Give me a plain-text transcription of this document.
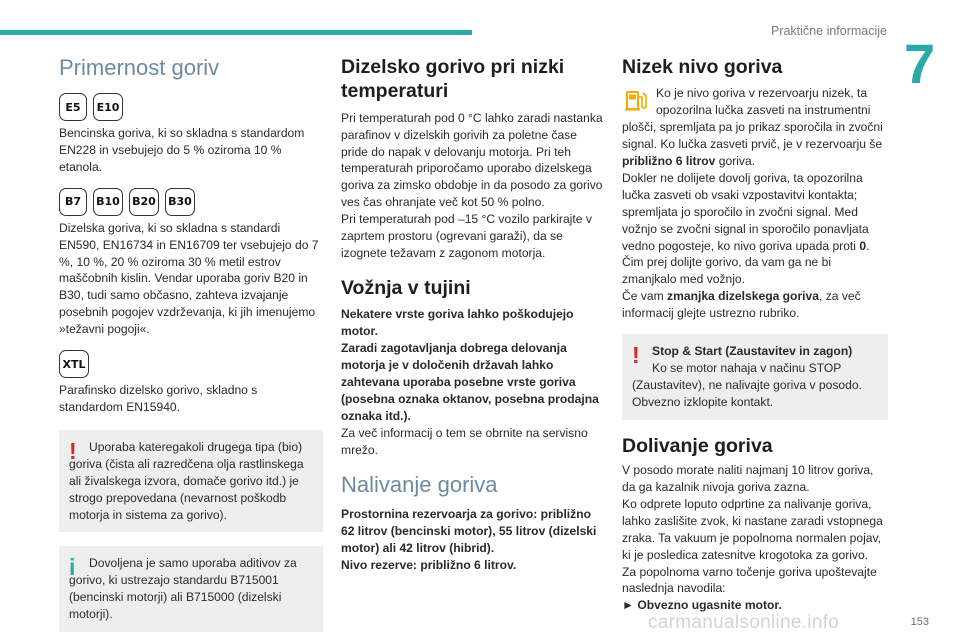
Praktične informacije
7
Primernost goriv
E5	E10

Bencinska goriva, ki so skladna s standardom EN228 in vsebujejo do 5 % oziroma 10 % etanola.

B7	B10 B20 B30

Dizelska goriva, ki so skladna s standardi EN590, EN16734 in EN16709 ter vsebujejo do 7 %, 10 %, 20 % oziroma 30 % metil estrov maščobnih kislin. Vendar uporaba goriv B20 in B30, tudi samo občasno, zahteva izvajanje posebnih pogojev vzdrževanja, ki jih imenujemo »težavni pogoji«.

XTL

Parafinsko dizelsko gorivo, skladno s standardom EN15940.

!	Uporaba kateregakoli drugega tipa (bio) goriva (čista ali razredčena olja rastlinskega ali živalskega izvora, domače gorivo itd.) je strogo prepovedana (nevarnost poškodb motorja in sistema za gorivo).

i	Dovoljena je samo uporaba aditivov za gorivo, ki ustrezajo standardu B715001 (bencinski motorji) ali B715000 (dizelski motorji).

Dizelsko gorivo pri nizki temperaturi

Pri temperaturah pod 0 °C lahko zaradi nastanka parafinov v dizelskih gorivih za poletne čase pride do napak v delovanju motorja. Pri teh temperaturah priporočamo uporabo dizelskega goriva za zimsko obdobje in da posodo za gorivo ves čas ohranjate več kot 50 % polno.

Pri temperaturah pod –15 °C vozilo parkirajte v zaprtem prostoru (ogrevani garaži), da se izognete težavam z zagonom motorja.

Vožnja v tujini

Nekatere vrste goriva lahko poškodujejo motor.

Zaradi zagotavljanja dobrega delovanja motorja je v določenih državah lahko zahtevana uporaba posebne vrste goriva (posebna oznaka oktanov, posebna prodajna oznaka itd.).

Za več informacij o tem se obrnite na servisno mrežo.

Nalivanje goriva

Prostornina rezervoarja za gorivo: približno 62 litrov (bencinski motor), 55 litrov (dizelski motor) ali 42 litrov (hibrid).

Nivo rezerve: približno 6 litrov.

Nizek nivo goriva

Ko je nivo goriva v rezervoarju nizek, ta opozorilna lučka zasveti na instrumentni plošči, spremljata pa jo prikaz sporočila in zvočni signal. Ko lučka zasveti prvič, je v rezervoarju še približno 6 litrov goriva.

Dokler ne dolijete dovolj goriva, ta opozorilna lučka zasveti ob vsaki vzpostavitvi kontakta; spremljata jo sporočilo in zvočni signal. Med vožnjo se zvočni signal in sporočilo ponavljata vedno pogosteje, ko nivo goriva upada proti 0.

Čim prej dolijte gorivo, da vam ga ne bi zmanjkalo med vožnjo.

Če vam zmanjka dizelskega goriva, za več informacij glejte ustrezno rubriko.

!	Stop & Start (Zaustavitev in zagon)

Ko se motor nahaja v načinu STOP (Zaustavitev), ne nalivajte goriva v posodo. Obvezno izklopite kontakt.

Dolivanje goriva

V posodo morate naliti najmanj 10 litrov goriva, da ga kazalnik nivoja goriva zazna.

Ko odprete loputo odprtine za nalivanje goriva, lahko zaslišite zvok, ki nastane zaradi vstopnega zraka. Ta vakuum je popolnoma normalen pojav, ki je posledica zatesnitve krogotoka za gorivo.

Za popolnoma varno točenje goriva upoštevajte naslednja navodila:

► Obvezno ugasnite motor.

carmanualsonline.info	153
